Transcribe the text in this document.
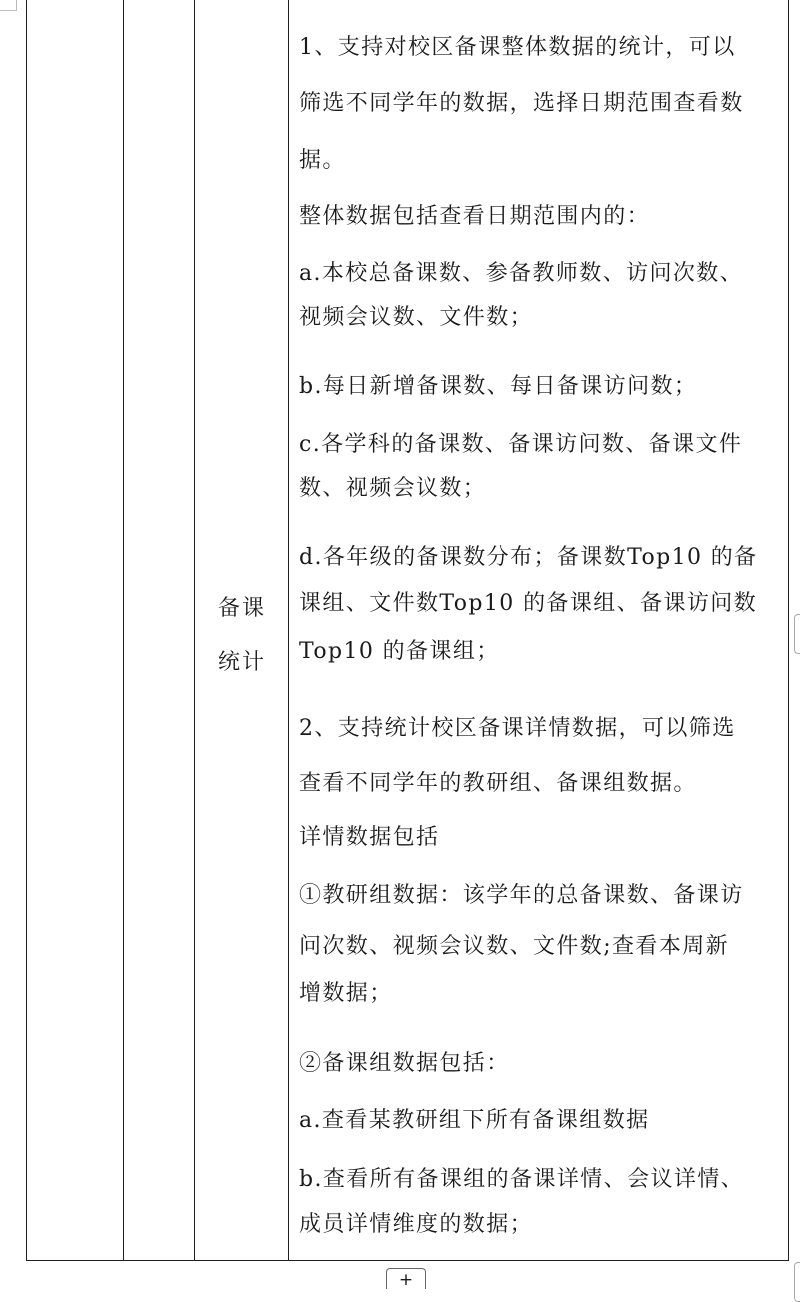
备课
统计
1、支持对校区备课整体数据的统计，可以
筛选不同学年的数据，选择日期范围查看数
据。
整体数据包括查看日期范围内的：
a.本校总备课数、参备教师数、访问次数、
视频会议数、文件数；
b.每日新增备课数、每日备课访问数；
c.各学科的备课数、备课访问数、备课文件
数、视频会议数；
d.各年级的备课数分布；备课数Top10 的备
课组、文件数Top10 的备课组、备课访问数
Top10 的备课组；
2、支持统计校区备课详情数据，可以筛选
查看不同学年的教研组、备课组数据。
详情数据包括
①教研组数据：该学年的总备课数、备课访
问次数、视频会议数、文件数;查看本周新
增数据；
②备课组数据包括：
a.查看某教研组下所有备课组数据
b.查看所有备课组的备课详情、会议详情、
成员详情维度的数据；
+
